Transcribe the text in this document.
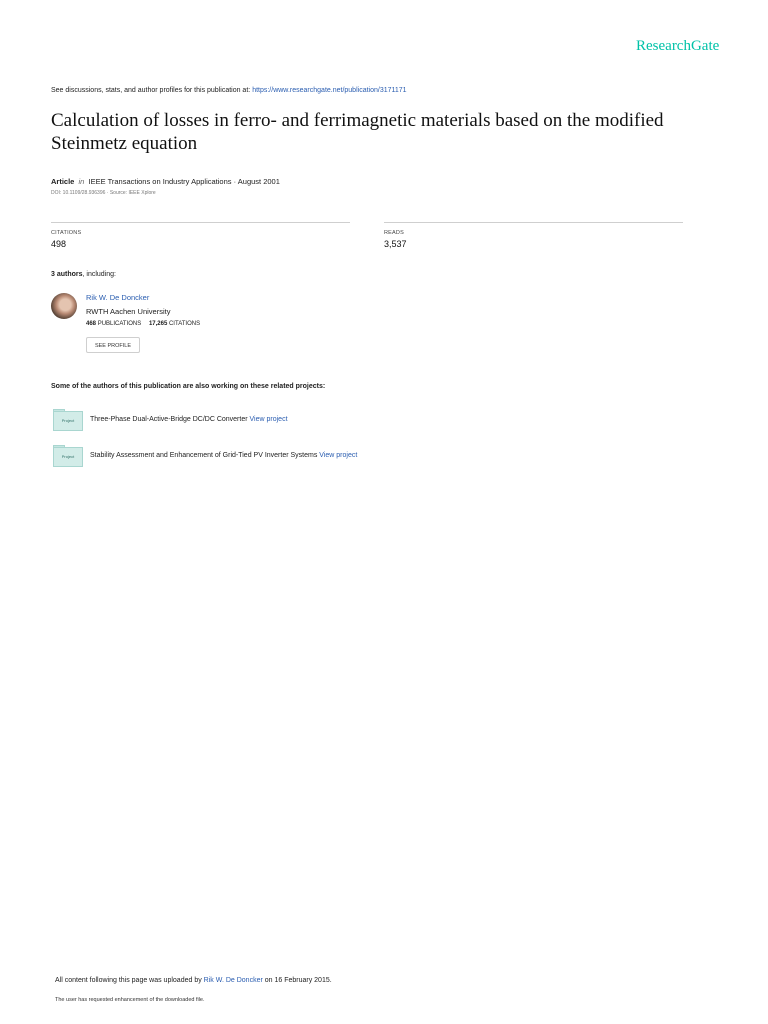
ResearchGate
See discussions, stats, and author profiles for this publication at: https://www.researchgate.net/publication/3171171
Calculation of losses in ferro- and ferrimagnetic materials based on the modified Steinmetz equation
Article in IEEE Transactions on Industry Applications · August 2001
DOI: 10.1109/28.936396 · Source: IEEE Xplore
CITATIONS
498
READS
3,537
3 authors, including:
Rik W. De Doncker
RWTH Aachen University
468 PUBLICATIONS 17,265 CITATIONS
SEE PROFILE
Some of the authors of this publication are also working on these related projects:
Project	Three-Phase Dual-Active-Bridge DC/DC Converter View project
Project	Stability Assessment and Enhancement of Grid-Tied PV Inverter Systems View project
All content following this page was uploaded by Rik W. De Doncker on 16 February 2015.
The user has requested enhancement of the downloaded file.
